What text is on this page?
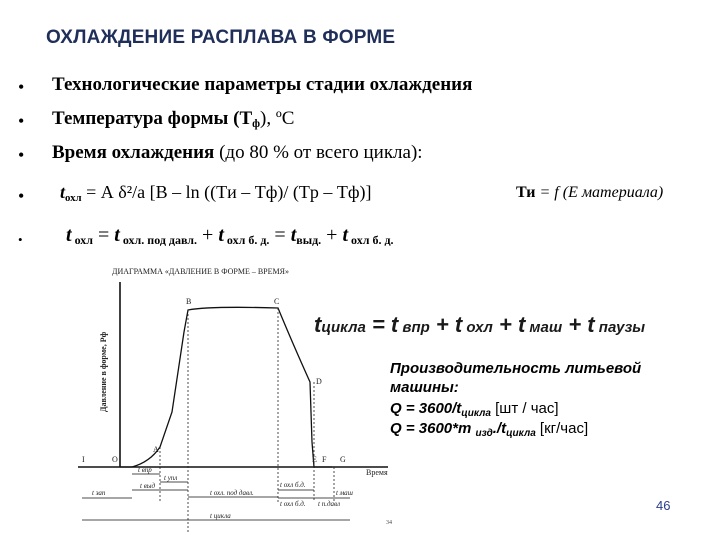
ОХЛАЖДЕНИЕ РАСПЛАВА В ФОРМЕ
•
•
•
•
•
Технологические параметры стадии охлаждения
Температура формы $(Т_ф)$, ºС
Время охлаждения (до 80 % от всего цикла):
$t_{охл} = А$ δ²/а [B – ln ((Tи – Tф)/ (Tр – Tф)]	Ти = f (E материала)
t $_{охл}$ = t $_{охл. под давл.}$ + t $_{охл б. д.} = t_{выд.} + t$ $_{охл б. д.}$
ДИАГРАММА «ДАВЛЕНИЕ В ФОРМЕ – ВРЕМЯ»
Давление в форме, Рф
Время
A
B	C
D
E F G
I	O
t впр
t упл
t выд
t охл. под давл.
t охл б.д.
t охл б.д.
t зап
t п.давл
t маш
t цикла
34
tцикла = t впр + t охл + t маш + t паузы
Производительность литьевой
машины:
$Q = 3600/t_{цикла}$ [шт / час]
Q = 3600*m $_{изд}./t_{цикла}$ [кг/час]
46
